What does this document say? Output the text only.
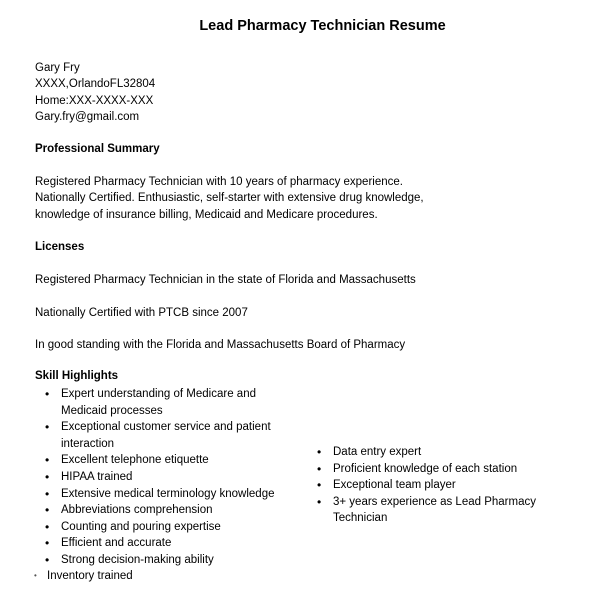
Lead Pharmacy Technician Resume
Gary Fry
XXXX,OrlandoFL32804
Home:XXX-XXXX-XXX
Gary.fry@gmail.com
Professional Summary
Registered Pharmacy Technician with 10 years of pharmacy experience.
Nationally Certified. Enthusiastic, self-starter with extensive drug knowledge,
knowledge of insurance billing, Medicaid and Medicare procedures.
Licenses
Registered Pharmacy Technician in the state of Florida and Massachusetts
Nationally Certified with PTCB since 2007
In good standing with the Florida and Massachusetts Board of Pharmacy
Skill Highlights
• Expert understanding of Medicare and Medicaid processes
• Exceptional customer service and patient interaction
• Excellent telephone etiquette
• HIPAA trained
• Extensive medical terminology knowledge
• Abbreviations comprehension
• Counting and pouring expertise
• Efficient and accurate
• Strong decision-making ability
• Data entry expert
• Proficient knowledge of each station
• Exceptional team player
• 3+ years experience as Lead Pharmacy Technician
• Inventory trained
